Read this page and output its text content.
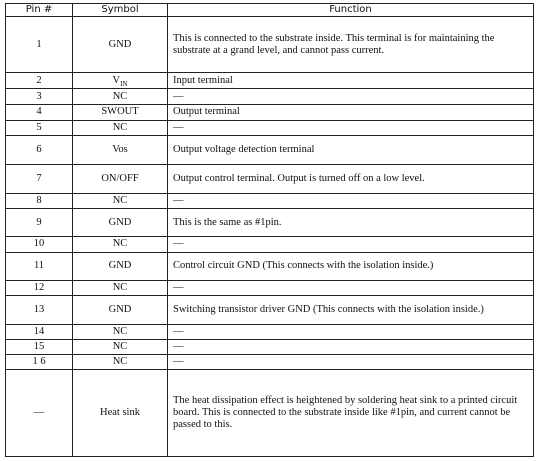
Pin #	Symbol	Function
1	GND	This is connected to the substrate inside. This terminal is for maintaining the substrate at a grand level, and cannot pass current.
2	$V_{IN}$	Input terminal
3	NC	—
4	SWOUT	Output terminal
5	NC	—
6	Vos	Output voltage detection terminal
7	ON/OFF	Output control terminal. Output is turned off on a low level.
8	NC	—
9	GND	This is the same as #1pin.
10	NC	—
11	GND	Control circuit GND (This connects with the isolation inside.)
12	NC	—
13	GND	Switching transistor driver GND (This connects with the isolation inside.)
14	NC	—
15	NC	—
1 6	NC	—
—	Heat sink	The heat dissipation effect is heightened by soldering heat sink to a printed circuit board. This is connected to the substrate inside like #1pin, and current cannot be passed to this.
